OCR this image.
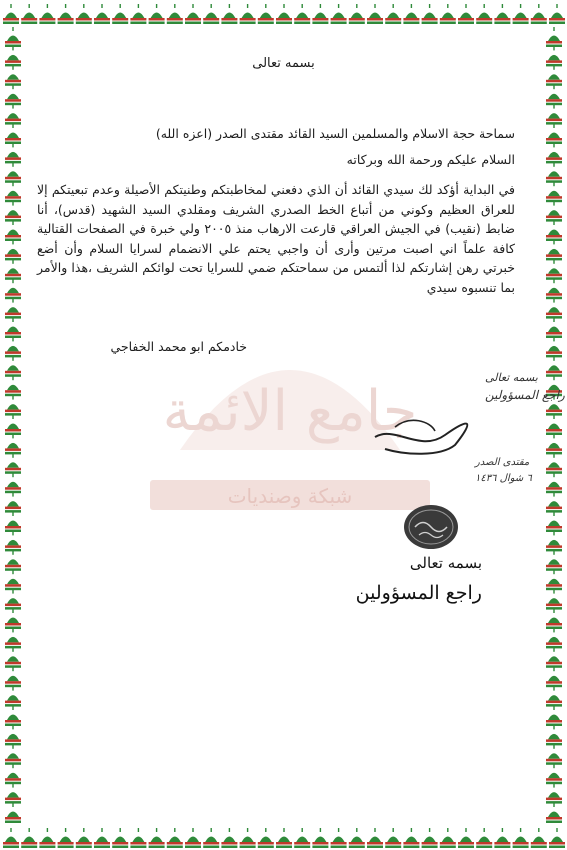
جامع الائمة
شبكة وصنديات
بسمه تعالى
سماحة حجة الاسلام والمسلمين السيد القائد مقتدى الصدر (اعزه الله)
السلام عليكم ورحمة الله وبركاته
في البداية أؤكد لك سيدي القائد أن الذي دفعني لمخاطبتكم وطنيتكم الأصيلة وعدم تبعيتكم إلا للعراق العظيم وكوني من أتباع الخط الصدري الشريف ومقلدي السيد الشهيد (قدس)، أنا ضابط (نقيب) في الجيش العراقي قارعت الارهاب منذ ٢٠٠٥ ولي خبرة في الصفحات القتالية كافة علماً اني اصبت مرتين وأرى أن واجبي يحتم علي الانضمام لسرايا السلام وأن أضع خبرتي رهن إشارتكم لذا ألتمس من سماحتكم ضمي للسرايا تحت لوائكم الشريف ،هذا والأمر بما تنسبوه سيدي
خادمكم ابو محمد الخفاجي
بسمه تعالى
راجع المسؤولين
مقتدى الصدر
٦ شوال ١٤٣٦
بسمه تعالى
راجع المسؤولين
